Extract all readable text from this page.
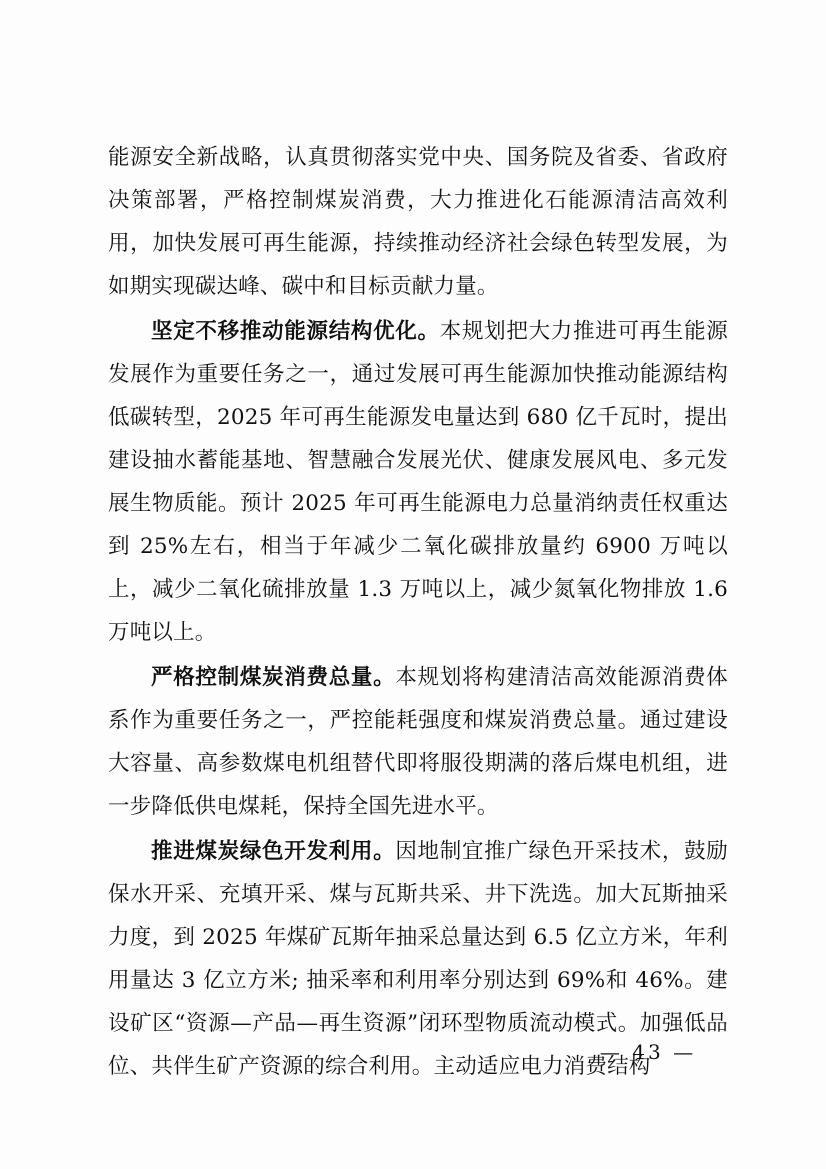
能源安全新战略，认真贯彻落实党中央、国务院及省委、省政府决策部署，严格控制煤炭消费，大力推进化石能源清洁高效利用，加快发展可再生能源，持续推动经济社会绿色转型发展，为如期实现碳达峰、碳中和目标贡献力量。

坚定不移推动能源结构优化。本规划把大力推进可再生能源发展作为重要任务之一，通过发展可再生能源加快推动能源结构低碳转型，2025 年可再生能源发电量达到 680 亿千瓦时，提出建设抽水蓄能基地、智慧融合发展光伏、健康发展风电、多元发展生物质能。预计 2025 年可再生能源电力总量消纳责任权重达到 25%左右，相当于年减少二氧化碳排放量约 6900 万吨以上，减少二氧化硫排放量 1.3 万吨以上，减少氮氧化物排放 1.6 万吨以上。

严格控制煤炭消费总量。本规划将构建清洁高效能源消费体系作为重要任务之一，严控能耗强度和煤炭消费总量。通过建设大容量、高参数煤电机组替代即将服役期满的落后煤电机组，进一步降低供电煤耗，保持全国先进水平。

推进煤炭绿色开发利用。因地制宜推广绿色开采技术，鼓励保水开采、充填开采、煤与瓦斯共采、井下洗选。加大瓦斯抽采力度，到 2025 年煤矿瓦斯年抽采总量达到 6.5 亿立方米，年利用量达 3 亿立方米; 抽采率和利用率分别达到 69%和 46%。建设矿区“资源—产品—再生资源”闭环型物质流动模式。加强低品位、共伴生矿产资源的综合利用。主动适应电力消费结构

— 43 —
